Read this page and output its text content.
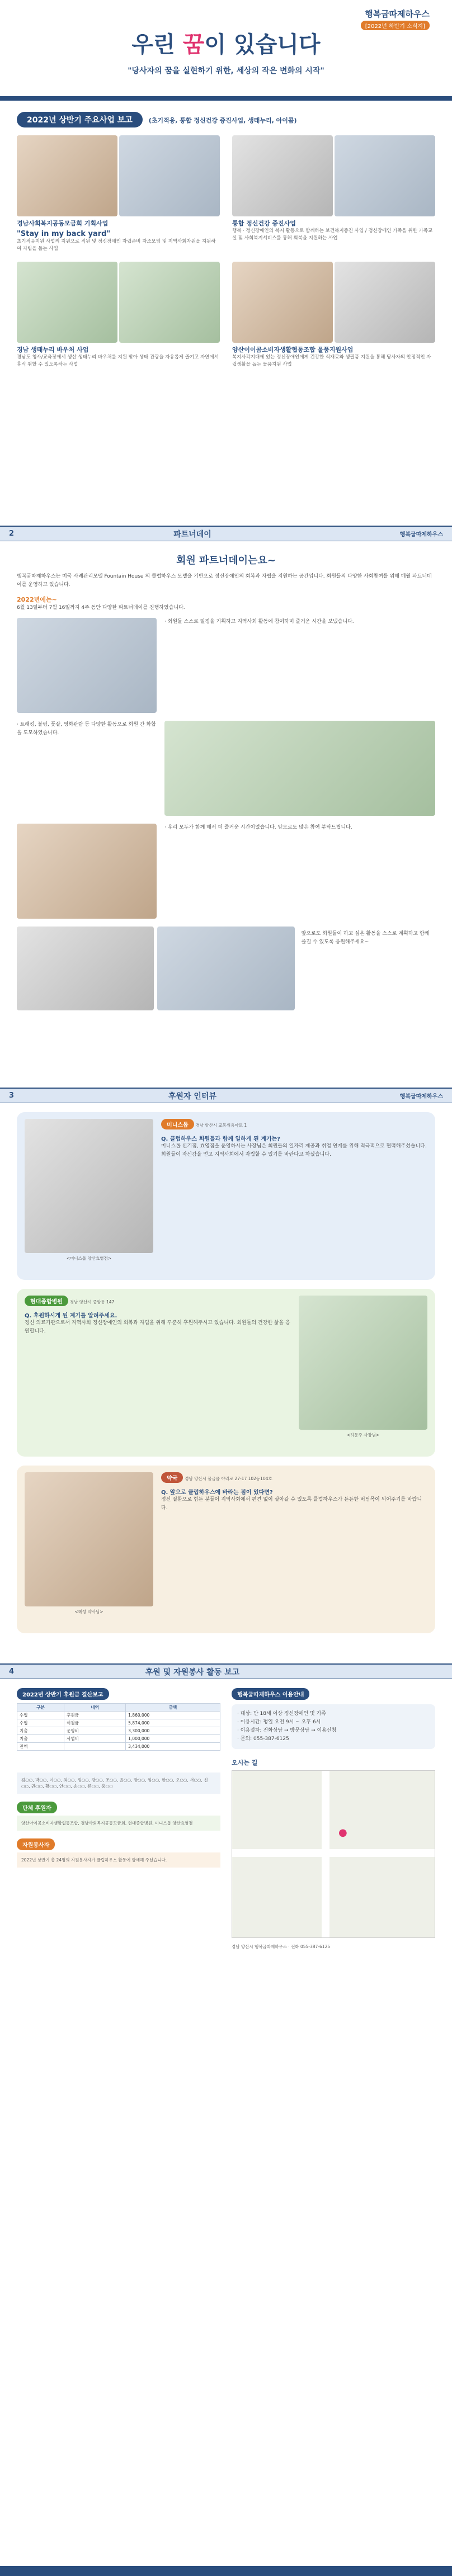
행복굽따제하우스
[2022년 하반기 소식지]
우린 꿈이 있습니다
"당사자의 꿈을 실현하기 위한, 세상의 작은 변화의 시작"
2022년 상반기 주요사업 보고	(초기적응, 통합 정신건강 증진사업, 생태누리, 아이콤)
경남사회복지공동모금회 기획사업
"Stay in my back yard"
초기적응지원 사업의 지원으로 직원 및 정신장애인 자립준비 자조모임 및 지역사회자원을 지원하여 자립을 돕는 사업
통합 정신건강 증진사업
행복 · 정신장애인의 복지 활동으로 함께하는 보건복지증진 사업 / 정신장애인 가족을 위한 가족교실 및 사회복지서비스를 통해 회복을 지원하는 사업
경남 생태누리 바우처 사업
경남도 청사/교육장에서 생산 생태누리 바우처를 지원 받아 생태 관광을 자유롭게 즐기고 자연에서 휴식 취할 수 있도록하는 사업
양산이이콤소비자생활협동조합 물품지원사업
복지사각지대에 있는 정신장애인에게 건강한 식재료와 생필품 지원을 통해 당사자의 안정적인 자립생활을 돕는 물품지원 사업
2	파트너데이	행복굽따제하우스
회원 파트너데이는요~
행복굽따제하우스는 미국 사례관리모델 Fountain House 의 클럽하우스 모델을 기반으로 정신장애인의 회복과 자립을 지원하는 공간입니다. 회원들의 다양한 사회참여를 위해 매월 파트너데이를 운영하고 있습니다.
2022년에는~
6월 13일부터 7월 16일까지 4주 동안 다양한 파트너데이를 진행하였습니다.
· 회원들 스스로 일정을 기획하고 지역사회 활동에 참여하며 즐거운 시간을 보냈습니다.
· 트래킹, 볼링, 풋살, 영화관람 등 다양한 활동으로 회원 간 화합을 도모하였습니다.
· 우리 모두가 함께 해서 더 즐거운 시간이었습니다. 앞으로도 많은 참여 부탁드립니다.
앞으로도 회원들이 하고 싶은 활동을 스스로 계획하고 함께 즐길 수 있도록 응원해주세요~
3	후원자 인터뷰	행복굽따제하우스
<미니스톱 양산효영점>
미니스톱 경남 양산시 교동위용마로 1
Q. 클럽하우스 회원들과 함께 일하게 된 계기는?
미니스톱 신기점, 효영점을 운영하시는 사장님은 회원들의 일자리 제공과 취업 연계를 위해 적극적으로 협력해주셨습니다. 회원들이 자신감을 얻고 지역사회에서 자립할 수 있기를 바란다고 하셨습니다.
현대종합병원 경남 양산시 중앙동 147
Q. 후원하시게 된 계기를 알려주세요.
정신 의료기관으로서 지역사회 정신장애인의 회복과 자립을 위해 꾸준히 후원해주시고 있습니다. 회원들의 건강한 삶을 응원합니다.
<하동주 사장님>
<혜성 약사님>
약국 경남 양산시 물금읍 야리로 27-17 102동104호
Q. 앞으로 클럽하우스에 바라는 점이 있다면?
정신 질환으로 힘든 분들이 지역사회에서 편견 없이 살아갈 수 있도록 클럽하우스가 든든한 버팀목이 되어주기를 바랍니다.
4	후원 및 자원봉사 활동 보고
2022년 상반기 후원금 결산보고
구분	내역	금액
수입	후원금	1,860,000
수입	이월금	5,874,000
지출	운영비	3,300,000
지출	사업비	1,000,000
잔액		3,434,000
개별 후원자
김○○, 박○○, 이○○, 최○○, 정○○, 강○○, 조○○, 윤○○, 장○○, 임○○, 한○○, 오○○, 서○○, 신○○, 권○○, 황○○, 안○○, 송○○, 류○○, 홍○○
단체 후원자
양산아이콤소비자생활협동조합, 경남사회복지공동모금회, 현대종합병원, 미니스톱 양산효영점
자원봉사자
2022년 상반기 총 24명의 자원봉사자가 클럽하우스 활동에 함께해 주셨습니다.
행복굽따제하우스 이용안내
· 대상: 만 18세 이상 정신장애인 및 가족
· 이용시간: 평일 오전 9시 ~ 오후 6시
· 이용절차: 전화상담 → 방문상담 → 이용신청
· 문의: 055-387-6125
오시는 길
●
경남 양산시 행복굽따제하우스 · 전화 055-387-6125
